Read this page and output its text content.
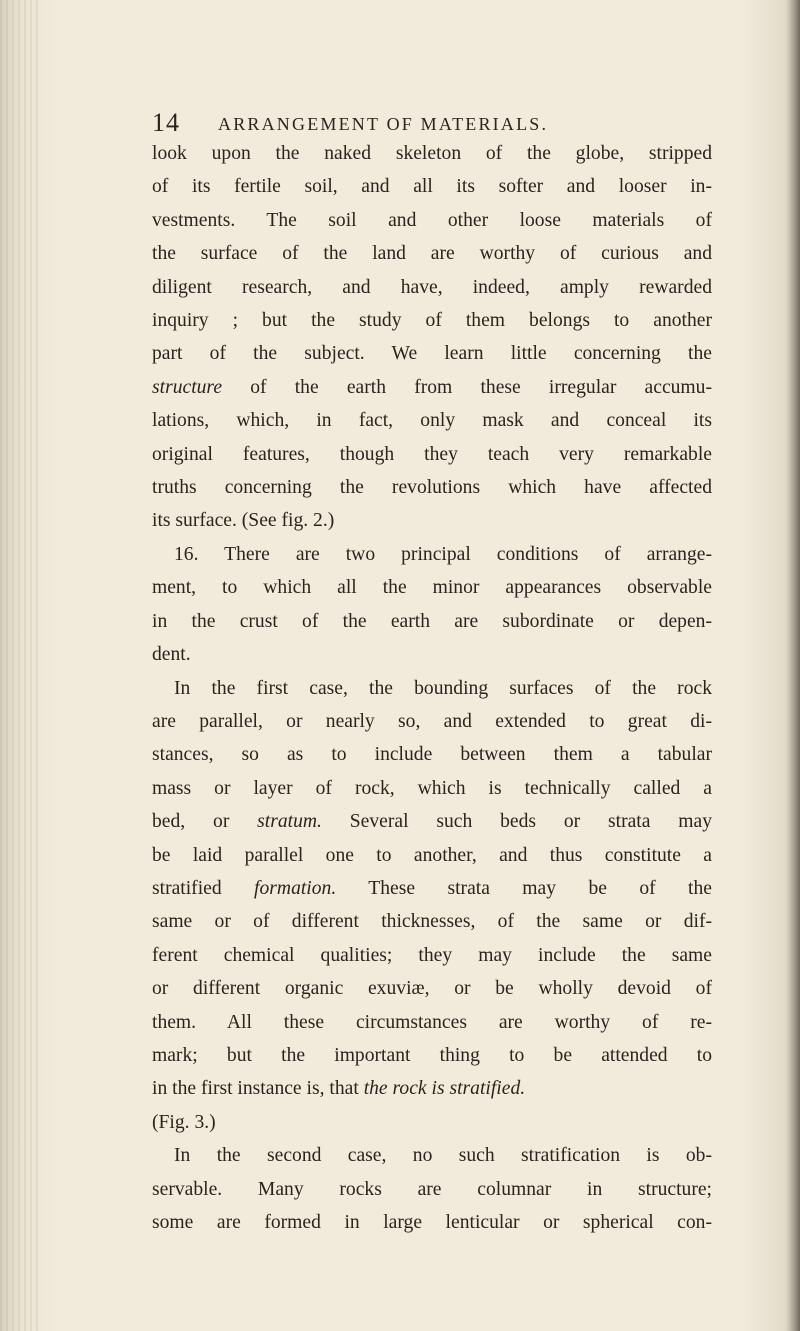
14 ARRANGEMENT OF MATERIALS.
look upon the naked skeleton of the globe, stripped
of its fertile soil, and all its softer and looser in-
vestments. The soil and other loose materials of
the surface of the land are worthy of curious and
diligent research, and have, indeed, amply rewarded
inquiry ; but the study of them belongs to another
part of the subject. We learn little concerning the
structure of the earth from these irregular accumu-
lations, which, in fact, only mask and conceal its
original features, though they teach very remarkable
truths concerning the revolutions which have affected
its surface. (See fig. 2.)
16. There are two principal conditions of arrange-
ment, to which all the minor appearances observable
in the crust of the earth are subordinate or depen-
dent.
In the first case, the bounding surfaces of the rock
are parallel, or nearly so, and extended to great di-
stances, so as to include between them a tabular
mass or layer of rock, which is technically called a
bed, or stratum. Several such beds or strata may
be laid parallel one to another, and thus constitute a
stratified formation. These strata may be of the
same or of different thicknesses, of the same or dif-
ferent chemical qualities; they may include the same
or different organic exuviæ, or be wholly devoid of
them. All these circumstances are worthy of re-
mark; but the important thing to be attended to
in the first instance is, that the rock is stratified.
(Fig. 3.)
In the second case, no such stratification is ob-
servable. Many rocks are columnar in structure;
some are formed in large lenticular or spherical con-
